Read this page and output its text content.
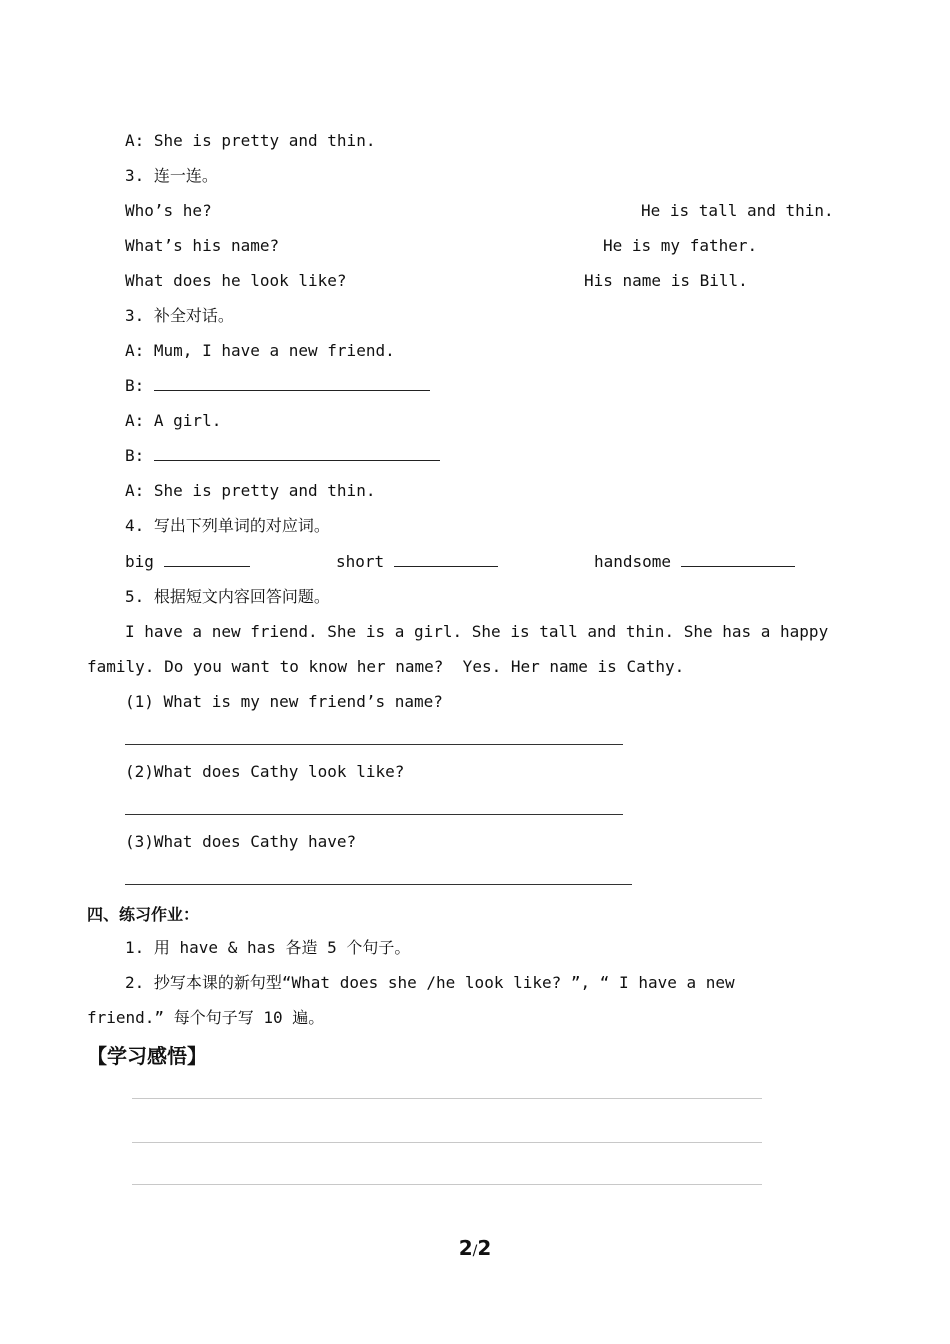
A: She is pretty and thin.
3. 连一连。
Who’s he?	He is tall and thin.
What’s his name?	He is my father.
What does he look like?	His name is Bill.
3. 补全对话。
A: Mum, I have a new friend.
B:
A: A girl.
B:
A: She is pretty and thin.
4. 写出下列单词的对应词。
big	short	handsome
5. 根据短文内容回答问题。
I have a new friend. She is a girl. She is tall and thin. She has a happy
family. Do you want to know her name?  Yes. Her name is Cathy.
(1) What is my new friend’s name?
(2)What does Cathy look like?
(3)What does Cathy have?
四、练习作业：
1. 用 have & has 各造 5 个句子。
2. 抄写本课的新句型“What does she /he look like? ”, “ I have a new
friend.” 每个句子写 10 遍。
【学习感悟】
2/2
